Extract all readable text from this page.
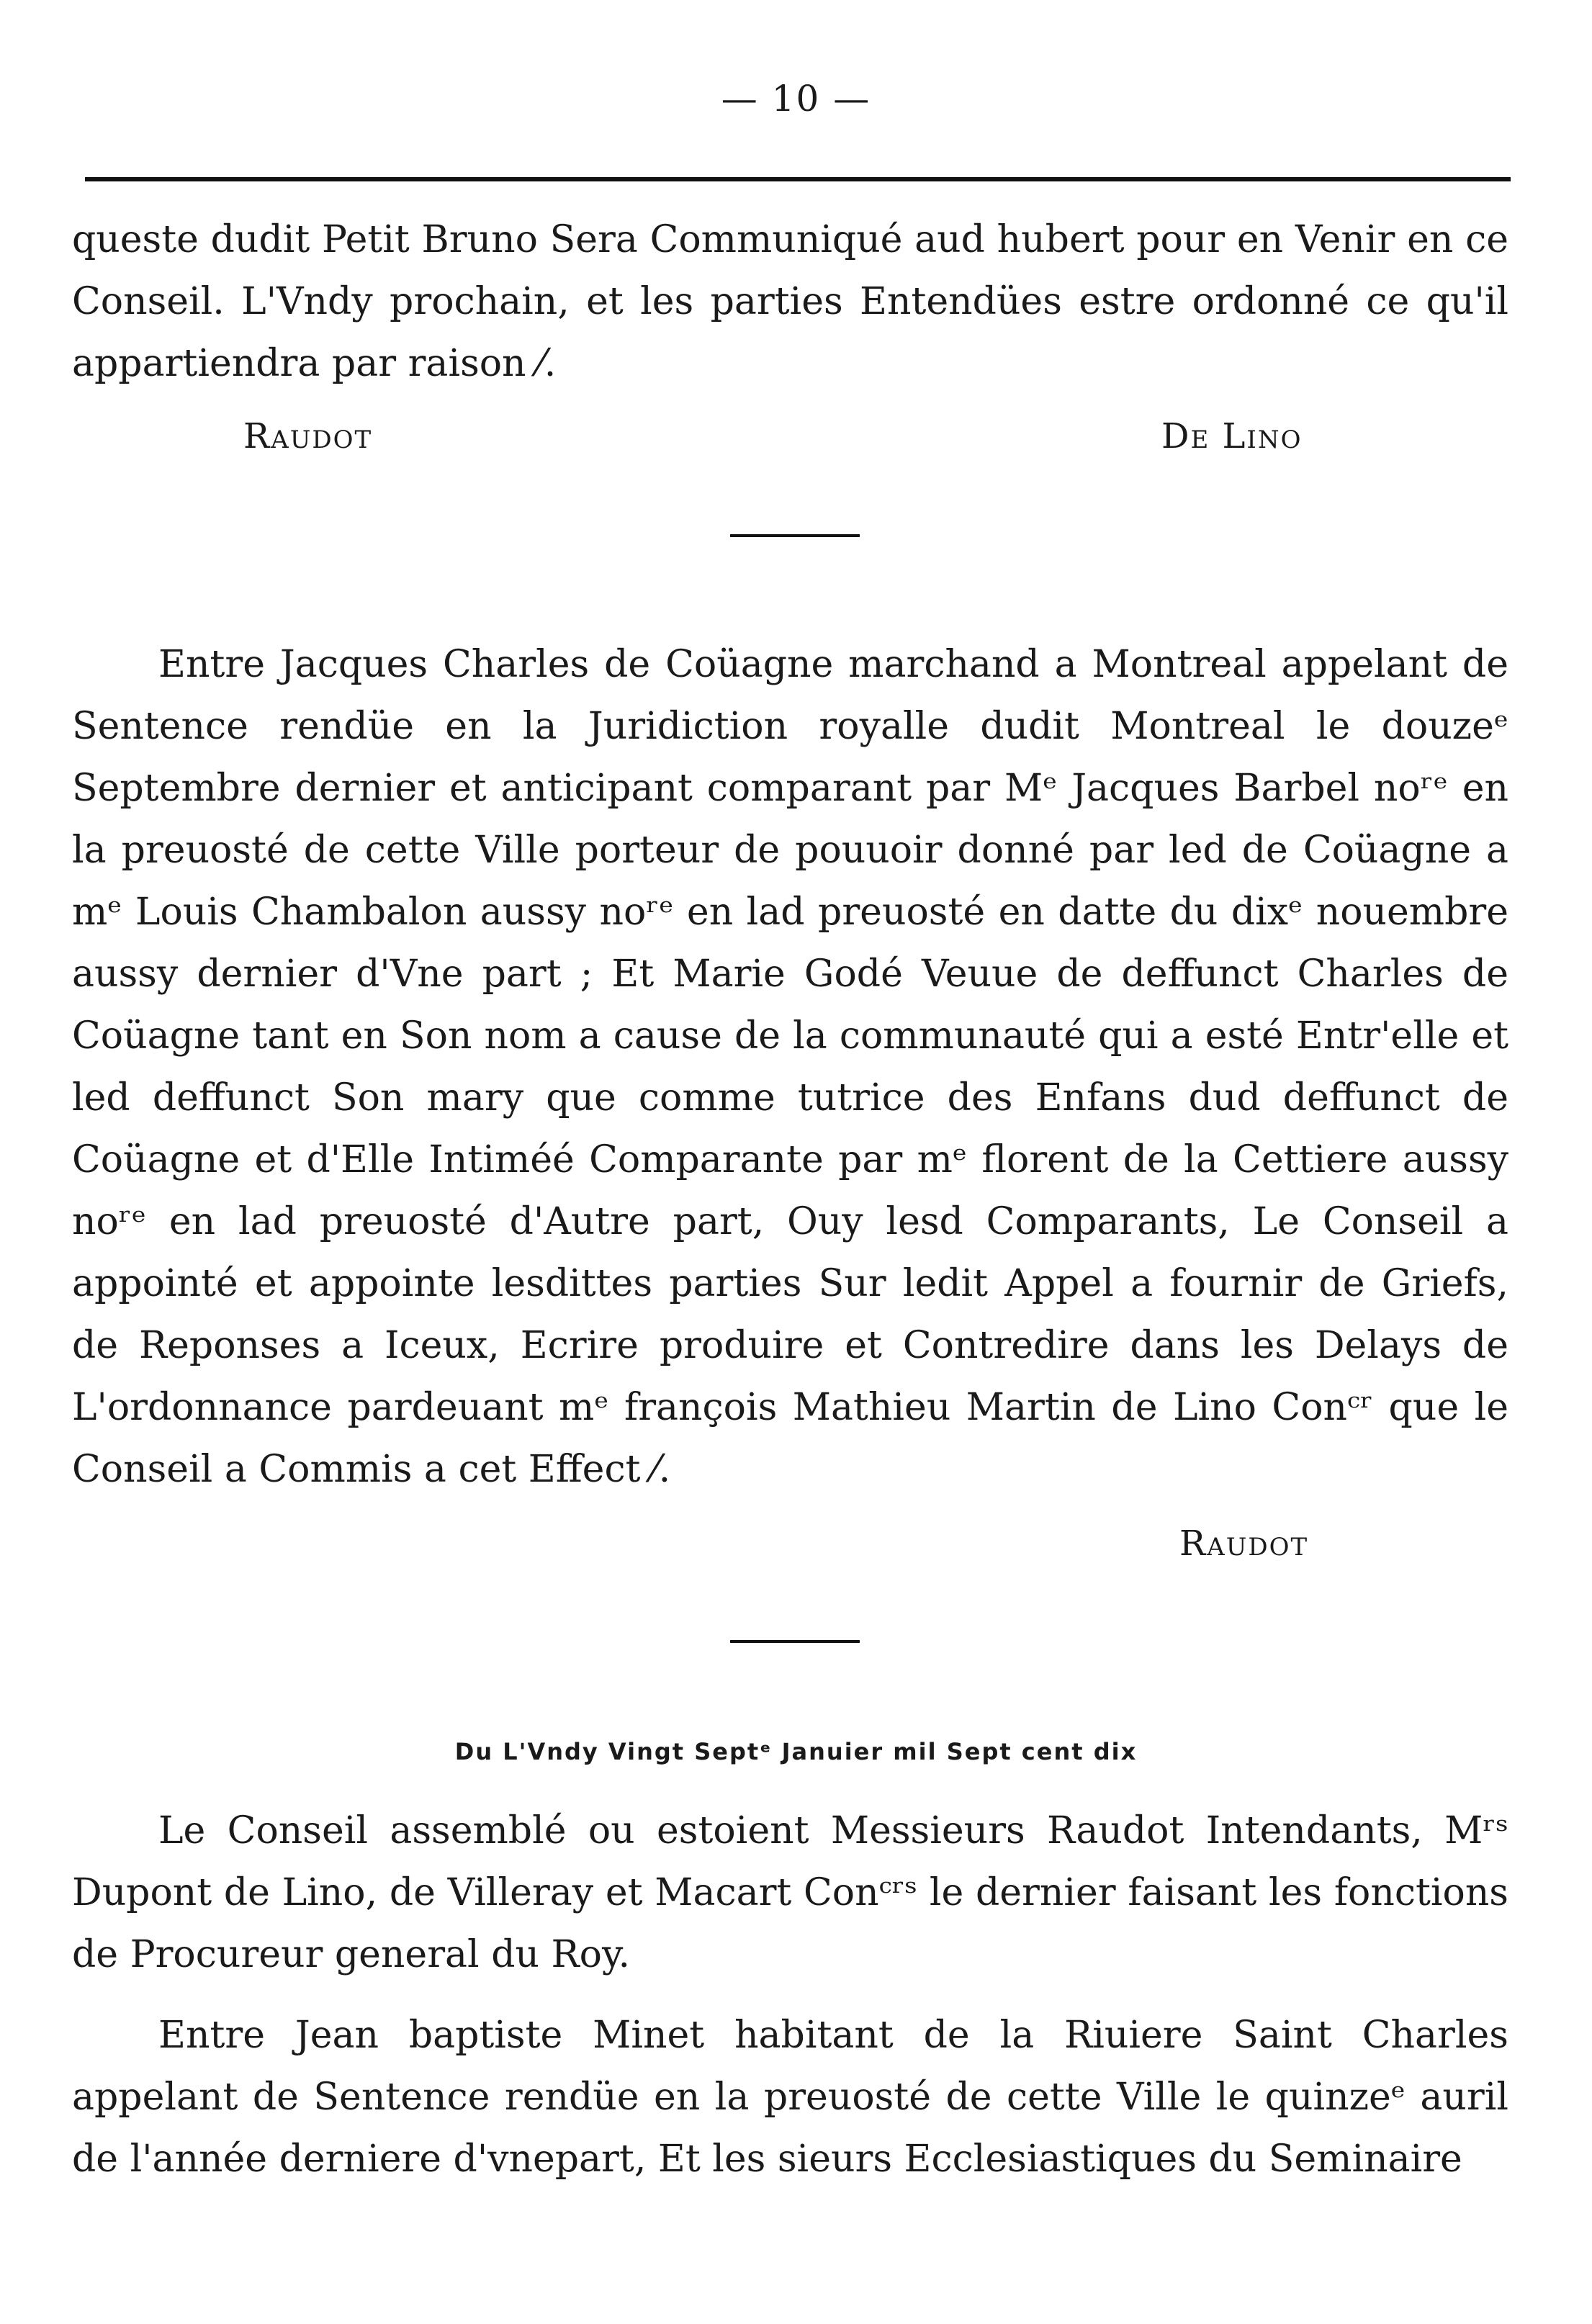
— 10 —
queste dudit Petit Bruno Sera Communiqué aud hubert pour en Venir en ce Conseil. L'Vndy prochain, et les parties Entendües estre ordonné ce qu'il appartiendra par raison ⁄.
Raudot	De Lino
Entre Jacques Charles de Coüagne marchand a Montreal appelant de Sentence rendüe en la Juridiction royalle dudit Montreal le douzeᵉ Septembre dernier et anticipant comparant par Mᵉ Jacques Barbel noʳᵉ en la preuosté de cette Ville porteur de pouuoir donné par led de Coüagne a mᵉ Louis Chambalon aussy noʳᵉ en lad preuosté en datte du dixᵉ nouembre aussy dernier d'Vne part ; Et Marie Godé Veuue de deffunct Charles de Coüagne tant en Son nom a cause de la communauté qui a esté Entr'elle et led deffunct Son mary que comme tutrice des Enfans dud deffunct de Coüagne et d'Elle Intiméé Comparante par mᵉ florent de la Cettiere aussy noʳᵉ en lad preuosté d'Autre part, Ouy lesd Comparants, Le Conseil a appointé et appointe lesdittes parties Sur ledit Appel a fournir de Griefs, de Reponses a Iceux, Ecrire produire et Contredire dans les Delays de L'ordonnance pardeuant mᵉ françois Mathieu Martin de Lino Conᶜʳ que le Conseil a Commis a cet Effect ⁄.
Raudot
Du L'Vndy Vingt Septᵉ Januier mil Sept cent dix
Le Conseil assemblé ou estoient Messieurs Raudot Intendants, Mʳˢ Dupont de Lino, de Villeray et Macart Conᶜʳˢ le dernier faisant les fonctions de Procureur general du Roy.
Entre Jean baptiste Minet habitant de la Riuiere Saint Charles appelant de Sentence rendüe en la preuosté de cette Ville le quinzeᵉ auril de l'année derniere d'vnepart, Et les sieurs Ecclesiastiques du Seminaire
